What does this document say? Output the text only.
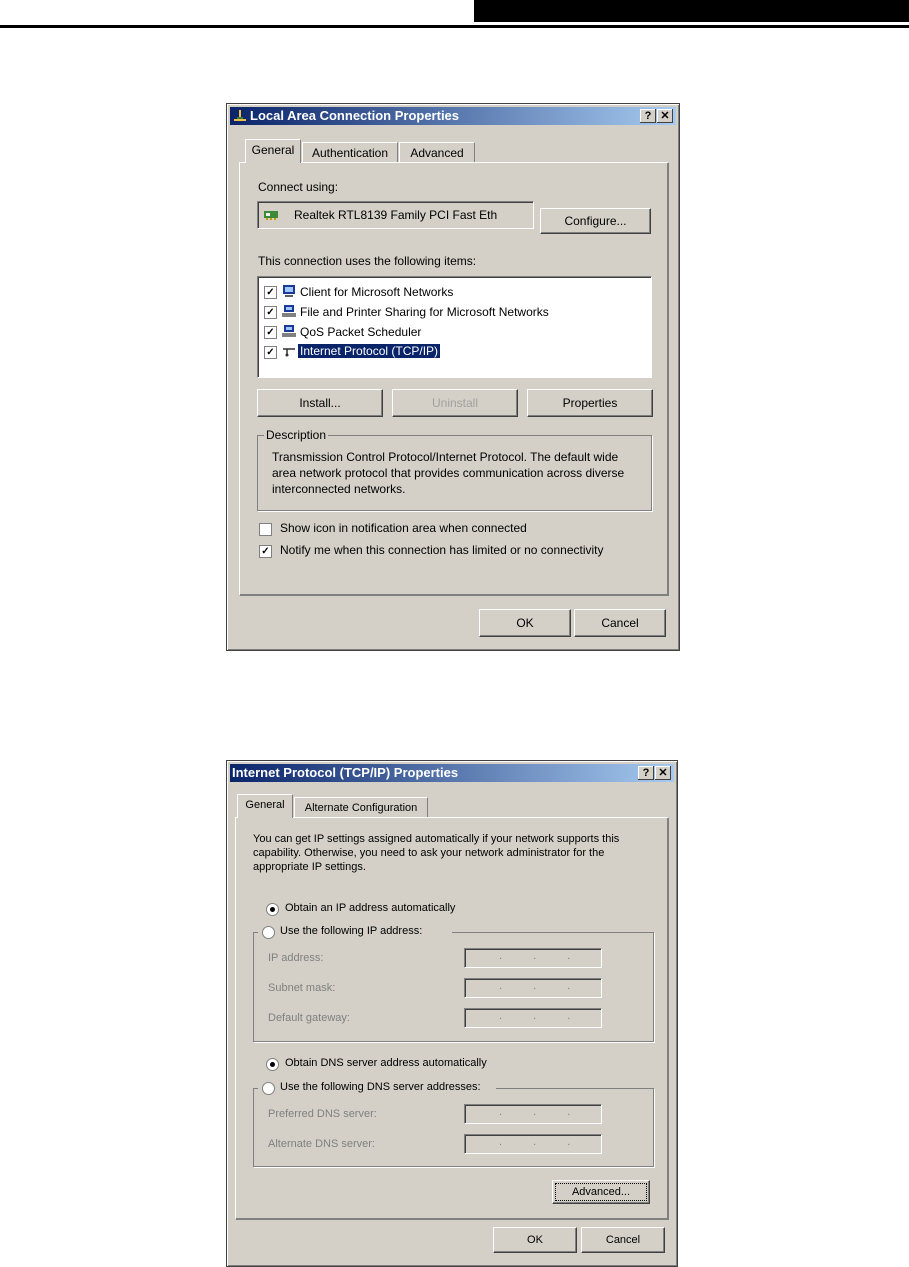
Local Area Connection Properties	? ✕
General	Authentication	Advanced
Connect using:
Realtek RTL8139 Family PCI Fast Eth	Configure...
This connection uses the following items:
✓ Client for Microsoft Networks
✓ File and Printer Sharing for Microsoft Networks
✓ QoS Packet Scheduler
✓ Internet Protocol (TCP/IP)
Install...	Uninstall	Properties
Description
Transmission Control Protocol/Internet Protocol. The default wide area network protocol that provides communication across diverse interconnected networks.
Show icon in notification area when connected
✓ Notify me when this connection has limited or no connectivity
OK	Cancel
Internet Protocol (TCP/IP) Properties	? ✕
General	Alternate Configuration
You can get IP settings assigned automatically if your network supports this capability. Otherwise, you need to ask your network administrator for the appropriate IP settings.
Obtain an IP address automatically
Use the following IP address:
IP address:	. . .
Subnet mask:	. . .
Default gateway:	. . .
Obtain DNS server address automatically
Use the following DNS server addresses:
Preferred DNS server:	. . .
Alternate DNS server:	. . .
Advanced...
OK	Cancel
